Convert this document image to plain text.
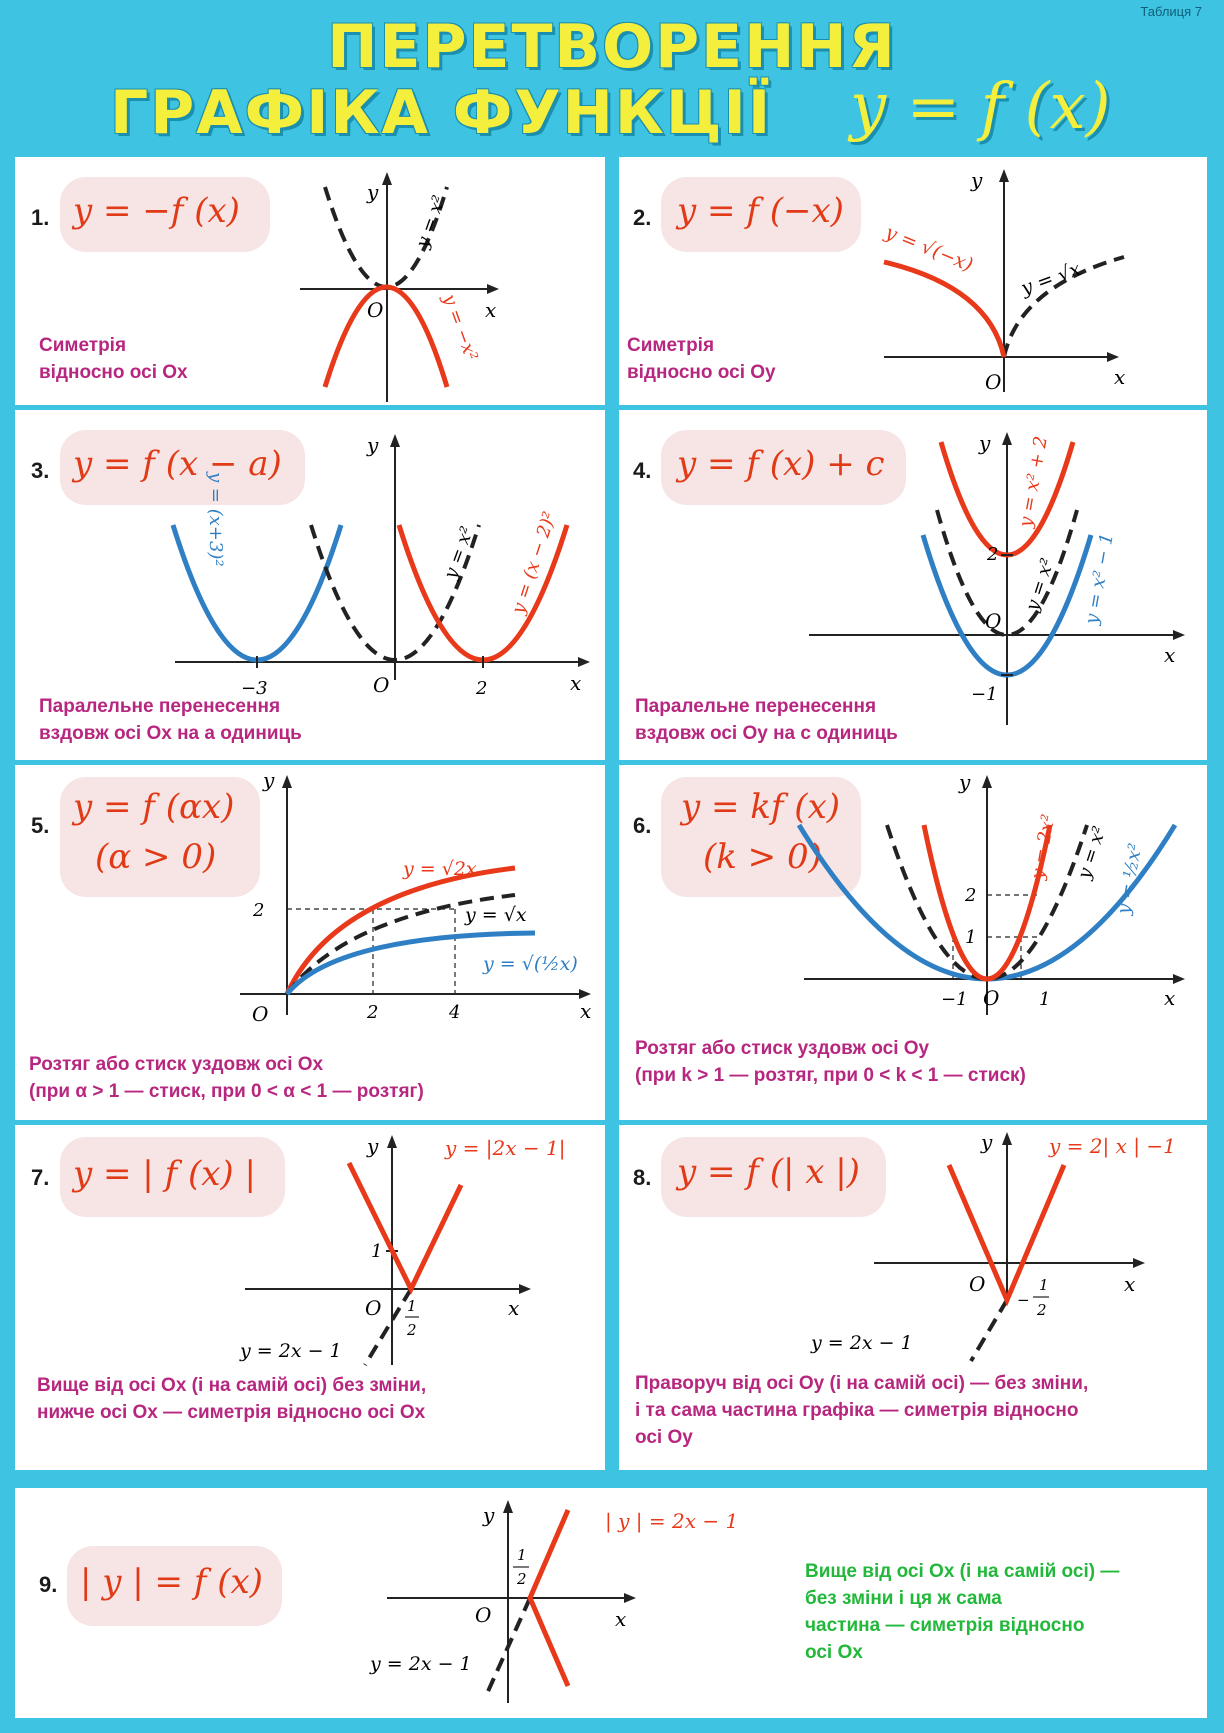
Таблиця 7
ПЕРЕТВОРЕННЯ
ГРАФІКА ФУНКЦІЇ y = f (x)
1. y = −f (x)
Симетрія
відносно осі Ox
y
x
O
y = x²
y = −x²
2. y = f (−x)
Симетрія
відносно осі Oy
y
x
O
y = √(−x)
y = √x
3. y = f (x − a)
Паралельне перенесення
вздовж осі Ox на a одиниць
y
x
O
−3	2
y = (x+3)²	y = x² y = (x − 2)²
4. y = f (x) + c
Паралельне перенесення
вздовж осі Oy на c одиниць
y
x
O
2
−1
y = x² + 2
y = x² y = x² − 1
5. y = f (αx)
(α > 0)
Розтяг або стиск уздовж осі Ox
(при α > 1 — стиск, при 0 < α < 1 — розтяг)
y
x
O	2	4
2
y = √2x
y = √x
y = √(½x)
6. y = kf (x)
(k > 0)
Розтяг або стиск уздовж осі Oy
(при k > 1 — розтяг, при 0 < k < 1 — стиск)
y
x
O
2
1
−1	1
y = 2x² y = x² y = ½x²
7. y = | f (x) |
Вище від осі Ox (і на самій осі) без зміни,
нижче осі Ox — симетрія відносно осі Ox
y
x
O
1
1
2
y = |2x − 1|
y = 2x − 1
8. y = f (| x |)
Праворуч від осі Oy (і на самій осі) — без зміни,
і та сама частина графіка — симетрія відносно
осі Oy
y
x
O
−
1
2
y = 2| x | −1
y = 2x − 1
9. | y | = f (x)	Вище від осі Ox (і на самій осі) —
без зміни і ця ж сама
частина — симетрія відносно
осі Ox
y
x
O
1
2
| y | = 2x − 1
y = 2x − 1
